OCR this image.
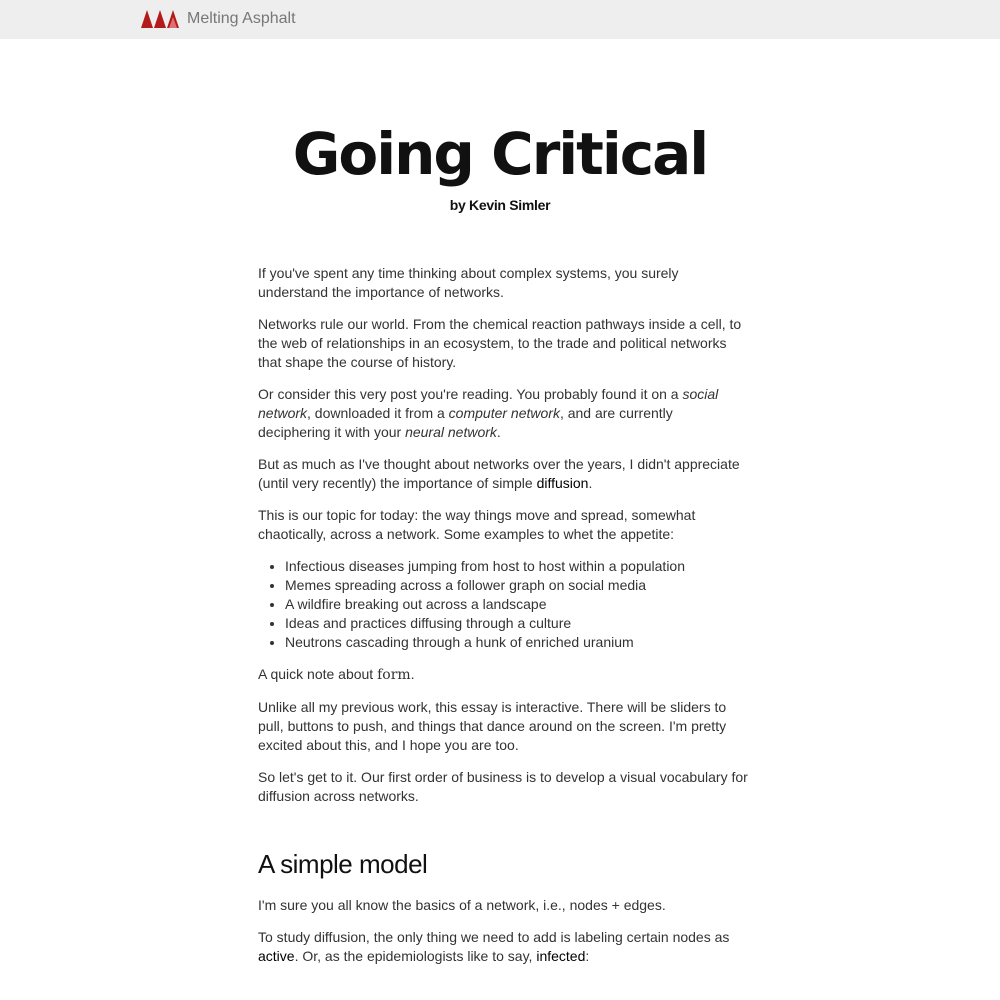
Melting Asphalt
Going Critical
by Kevin Simler

If you've spent any time thinking about complex systems, you surely understand the importance of networks.

Networks rule our world. From the chemical reaction pathways inside a cell, to the web of relationships in an ecosystem, to the trade and political networks that shape the course of history.

Or consider this very post you're reading. You probably found it on a social network, downloaded it from a computer network, and are currently deciphering it with your neural network.

But as much as I've thought about networks over the years, I didn't appreciate (until very recently) the importance of simple diffusion.

This is our topic for today: the way things move and spread, somewhat chaotically, across a network. Some examples to whet the appetite:

• Infectious diseases jumping from host to host within a population
• Memes spreading across a follower graph on social media
• A wildfire breaking out across a landscape
• Ideas and practices diffusing through a culture
• Neutrons cascading through a hunk of enriched uranium

A quick note about form.

Unlike all my previous work, this essay is interactive. There will be sliders to pull, buttons to push, and things that dance around on the screen. I'm pretty excited about this, and I hope you are too.

So let's get to it. Our first order of business is to develop a visual vocabulary for diffusion across networks.

A simple model

I'm sure you all know the basics of a network, i.e., nodes + edges.

To study diffusion, the only thing we need to add is labeling certain nodes as active. Or, as the epidemiologists like to say, infected:
